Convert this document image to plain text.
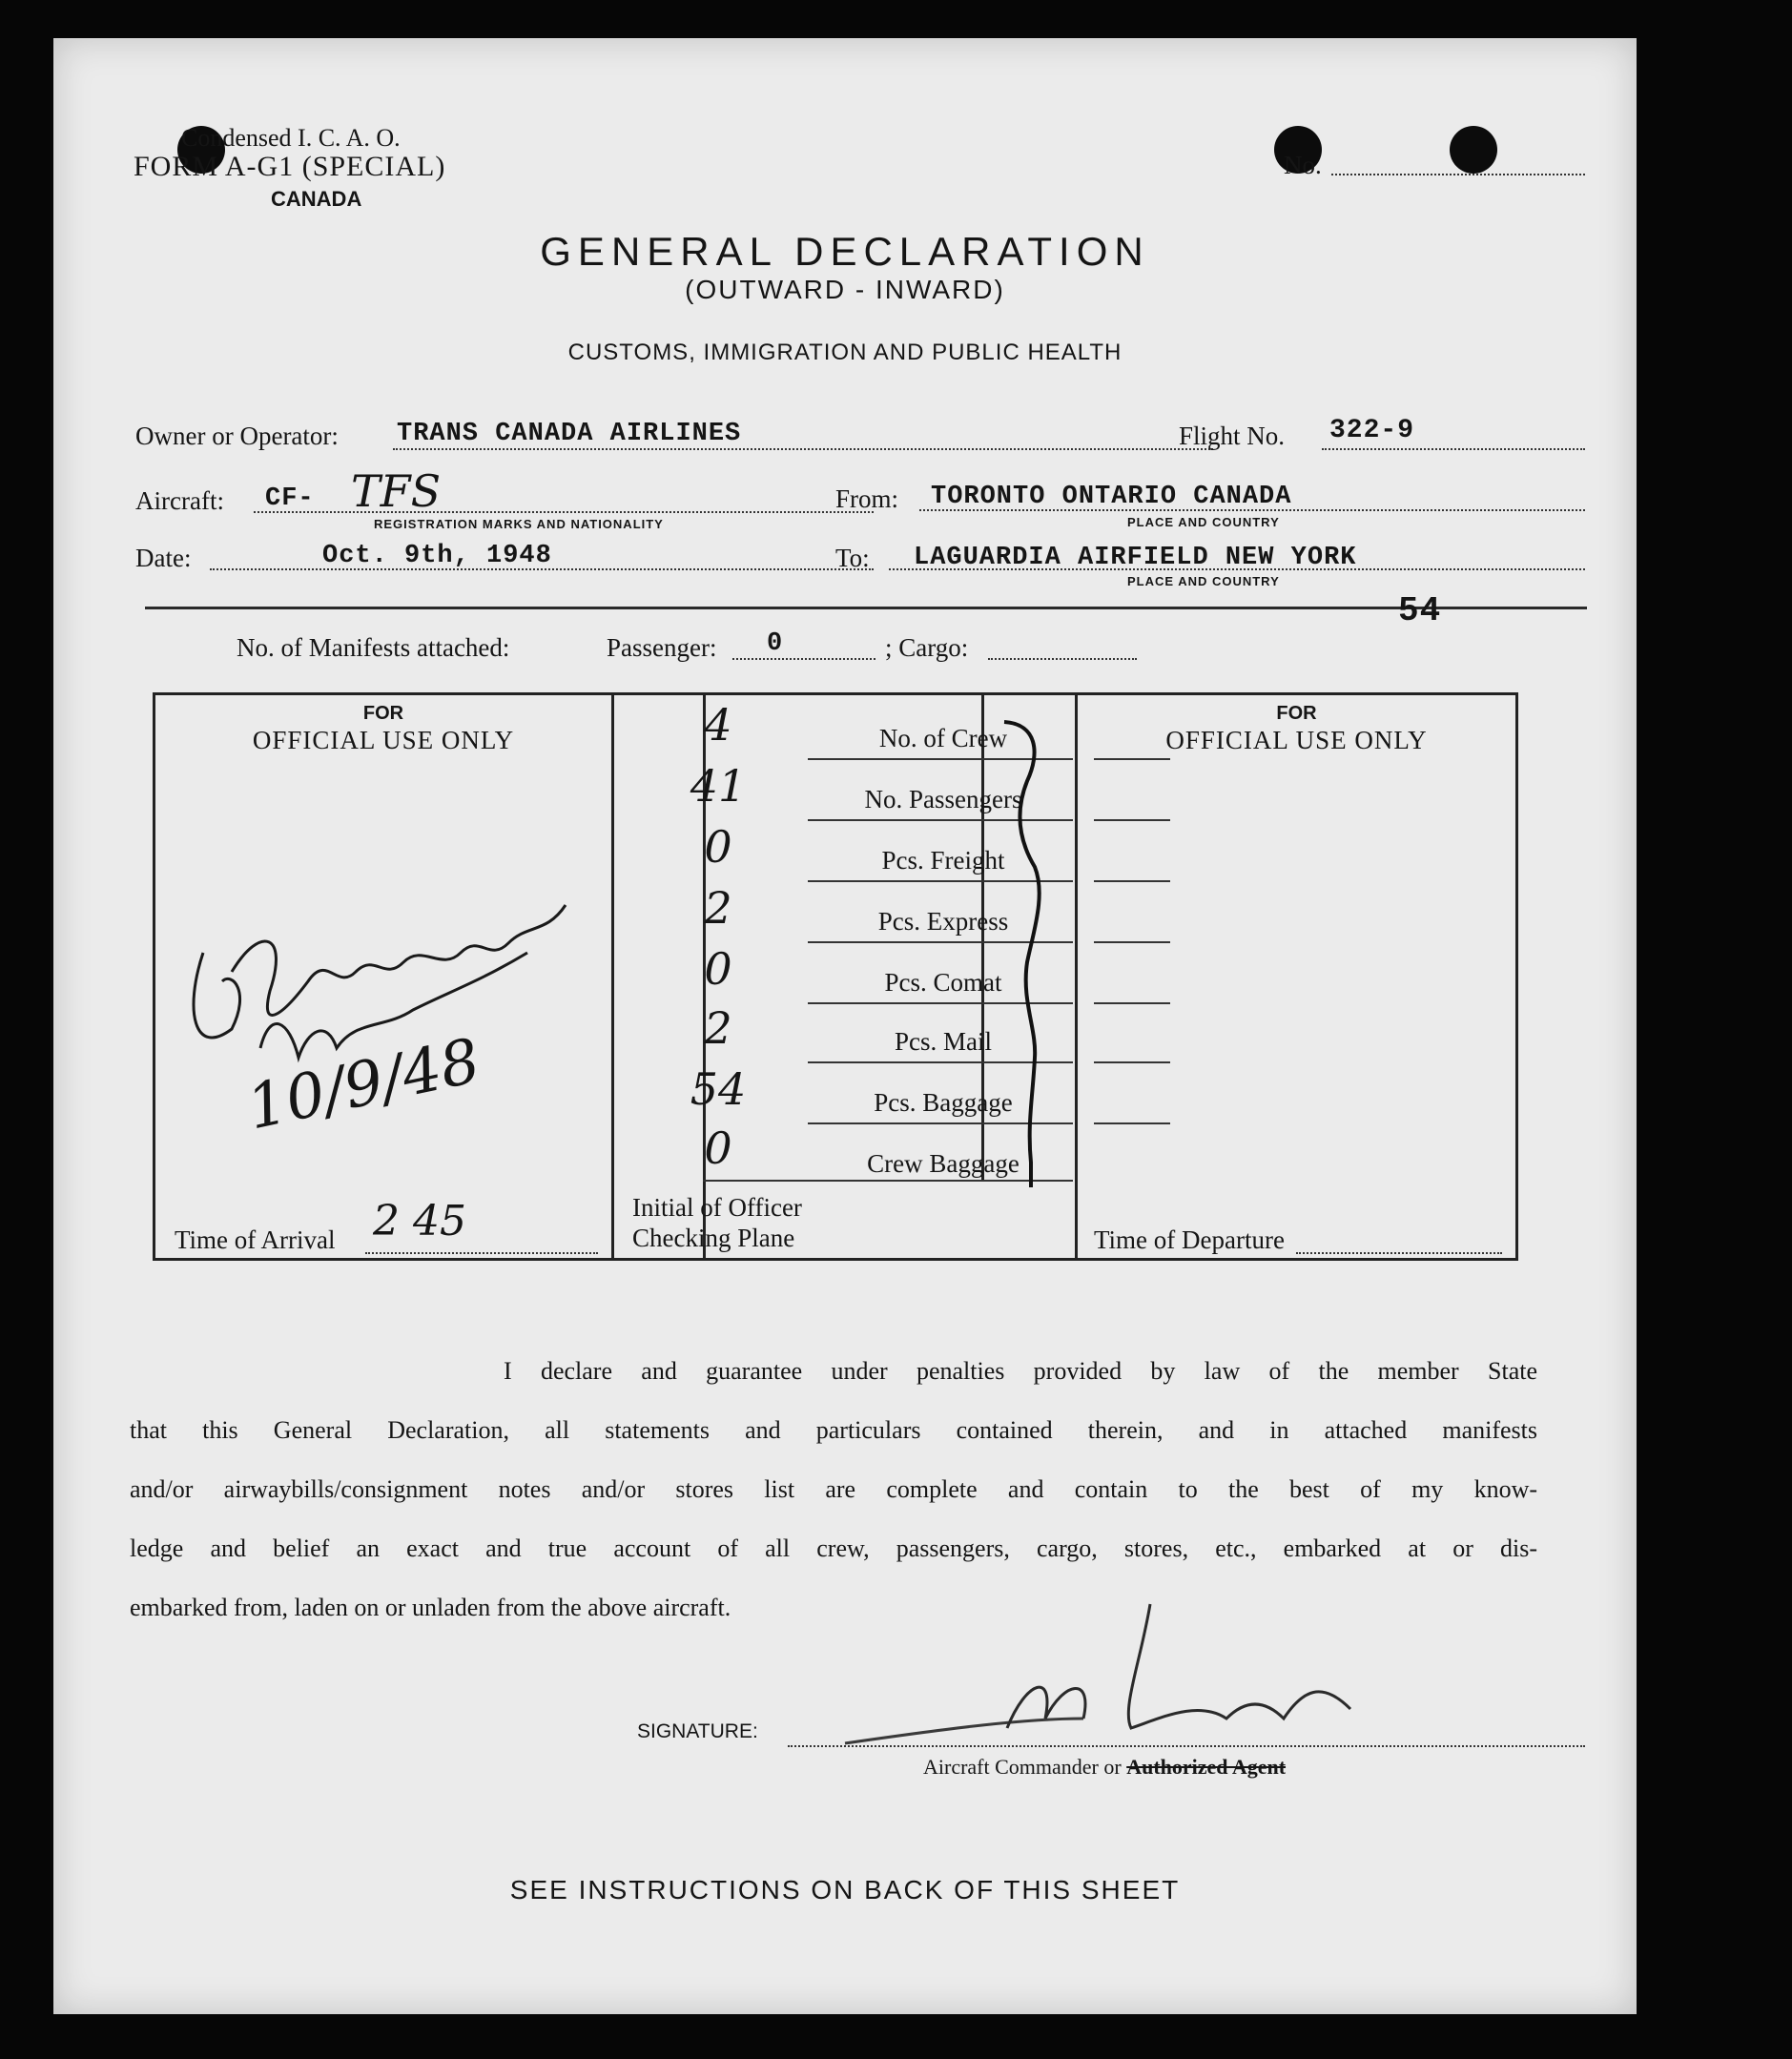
Condensed I. C. A. O.
FORM A-G1 (SPECIAL)
CANADA
No.
GENERAL DECLARATION
(OUTWARD - INWARD)
CUSTOMS, IMMIGRATION AND PUBLIC HEALTH
Owner or Operator: TRANS CANADA AIRLINES	Flight No. 322-9
Aircraft: CF- TFS
REGISTRATION MARKS AND NATIONALITY
From: TORONTO ONTARIO CANADA
PLACE AND COUNTRY
Date:	Oct. 9th, 1948	To: LAGUARDIA AIRFIELD NEW YORK
PLACE AND COUNTRY
54
No. of Manifests attached:	Passenger: 0	; Cargo:
FOR
OFFICIAL USE ONLY
FOR
OFFICIAL USE ONLY
4	No. of Crew
41	No. Passengers
0	Pcs. Freight
2	Pcs. Express
0	Pcs. Comat
2	Pcs. Mail
54	Pcs. Baggage
0	Crew Baggage
10/9/48
Time of Arrival 2 45	Initial of Officer
Checking Plane	Time of Departure
I declare and guarantee under penalties provided by law of the member State
that this General Declaration, all statements and particulars contained therein, and in attached manifests
and/or airwaybills/consignment notes and/or stores list are complete and contain to the best of my know-
ledge and belief an exact and true account of all crew, passengers, cargo, stores, etc., embarked at or dis-
embarked from, laden on or unladen from the above aircraft.
SIGNATURE:
Aircraft Commander or Authorized Agent
SEE INSTRUCTIONS ON BACK OF THIS SHEET
